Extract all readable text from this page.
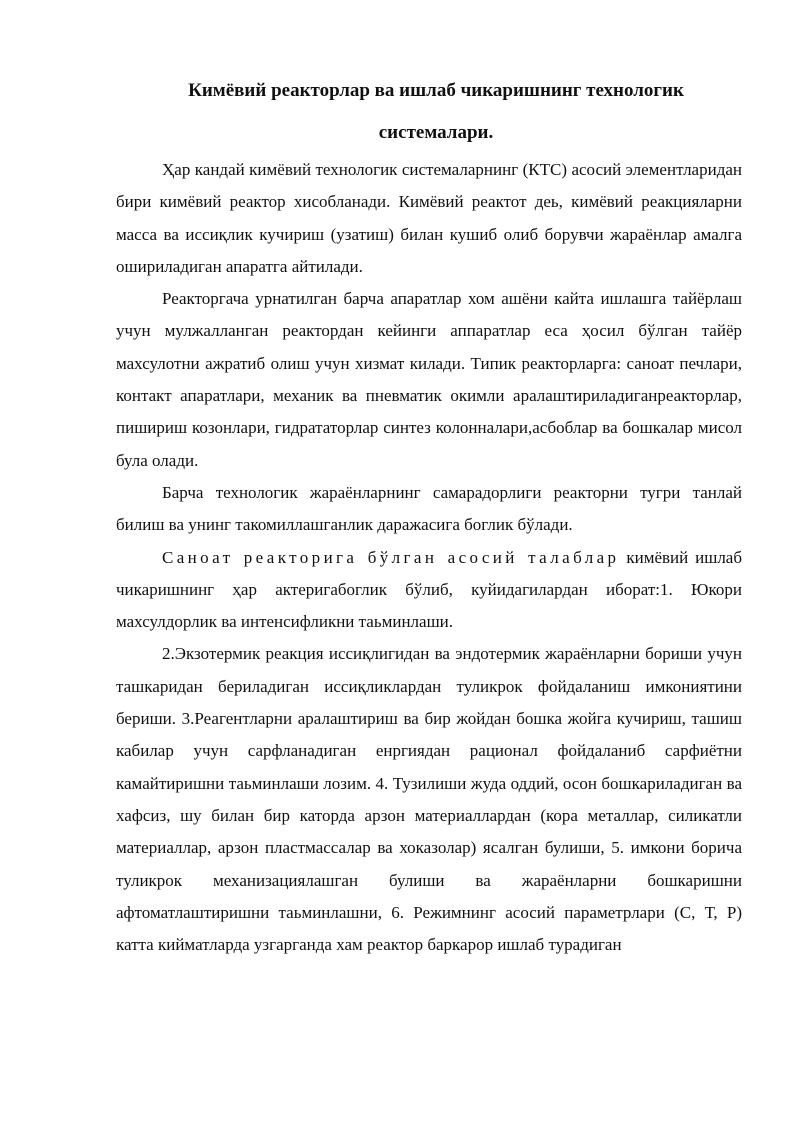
Кимёвий реакторлар ва ишлаб чикаришнинг технологик системалари.

Ҳар кандай кимёвий технологик системаларнинг (КТС) асосий элементларидан бири кимёвий реактор хисобланади. Кимёвий реактот деь, кимёвий реакцияларни масса ва иссиқлик кучириш (узатиш) билан кушиб олиб борувчи жараёнлар амалга ошириладиган апаратга айтилади.

Реакторгача урнатилган барча апаратлар хом ашёни кайта ишлашга тайёрлаш учун мулжалланган реактордан кейинги аппаратлар еса ҳосил бўлган тайёр махсулотни ажратиб олиш учун хизмат килади. Типик реакторларга: саноат печлари, контакт апаратлари, механик ва пневматик окимли аралаштириладиганреакторлар, пишириш козонлари, гидрататорлар синтез колонналари,асбоблар ва бошкалар мисол була олади.

Барча технологик жараёнларнинг самарадорлиги реакторни тугри танлай билиш ва унинг такомиллашганлик даражасига боглик бўлади.

Саноат реакторига бўлган асосий талаблар кимёвий ишлаб чикаришнинг ҳар актеригабоглик бўлиб, куйидагилардан иборат:1. Юкори махсулдорлик ва интенсифликни таьминлаши.

2.Экзотермик реакция иссиқлигидан ва эндотермик жараёнларни бориши учун ташкаридан бериладиган иссиқликлардан туликрок фойдаланиш имкониятини бериши. 3.Реагентларни аралаштириш ва бир жойдан бошка жойга кучириш, ташиш кабилар учун сарфланадиган енргиядан рационал фойдаланиб сарфиётни камайтиришни таьминлаши лозим. 4. Тузилиши жуда оддий, осон бошкариладиган ва хафсиз, шу билан бир каторда арзон материаллардан (кора металлар, силикатли материаллар, арзон пластмассалар ва хоказолар) ясалган булиши, 5. имкони борича туликрок механизациялашган булиши ва жараёнларни бошкаришни афтоматлаштиришни таьминлашни, 6. Режимнинг асосий параметрлари (С, Т, Р) катта кийматларда узгарганда хам реактор баркарор ишлаб турадиган
